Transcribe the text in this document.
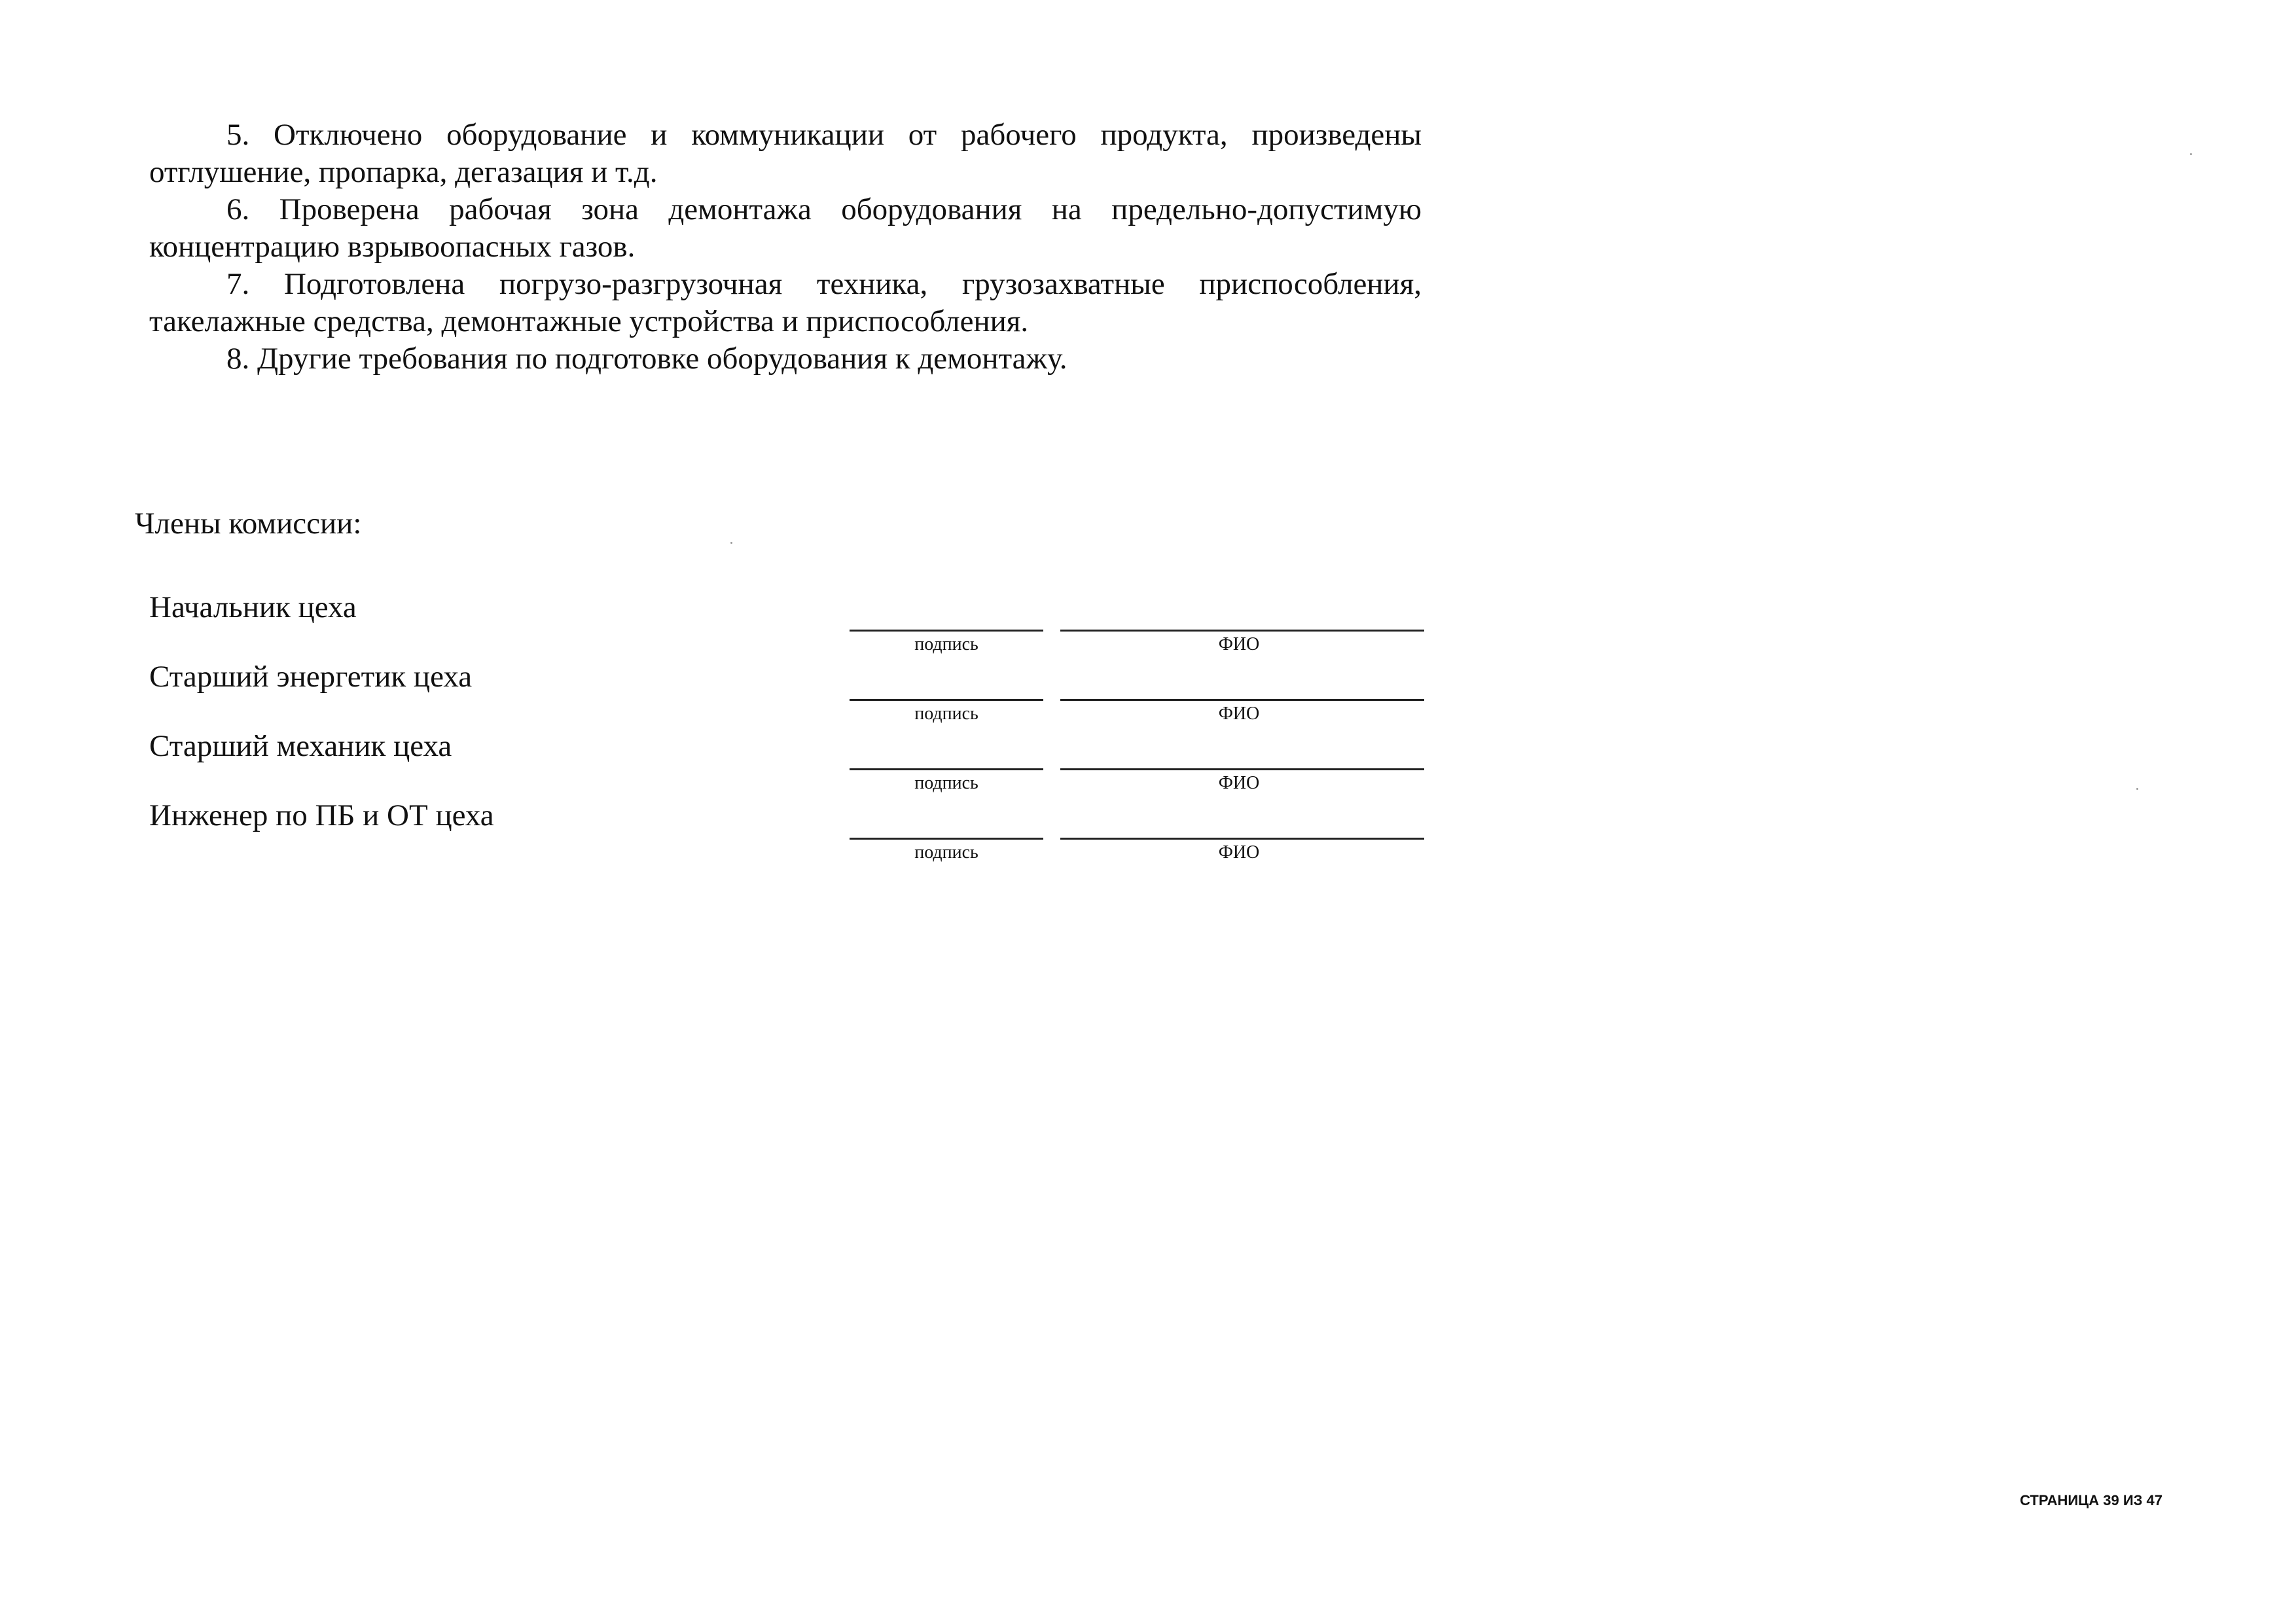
5. Отключено оборудование и коммуникации от рабочего продукта, произведены отглушение, пропарка, дегазация и т.д.

6. Проверена рабочая зона демонтажа оборудования на предельно-допустимую концентрацию взрывоопасных газов.

7. Подготовлена погрузо-разгрузочная техника, грузозахватные приспособления, такелажные средства, демонтажные устройства и приспособления.

8. Другие требования по подготовке оборудования к демонтажу.

Члены комиссии:
Начальник цеха
подпись	ФИО
Старший энергетик цеха
подпись	ФИО
Старший механик цеха
подпись	ФИО
Инженер по ПБ и ОТ цеха
подпись	ФИО
СТРАНИЦА 39 ИЗ 47
